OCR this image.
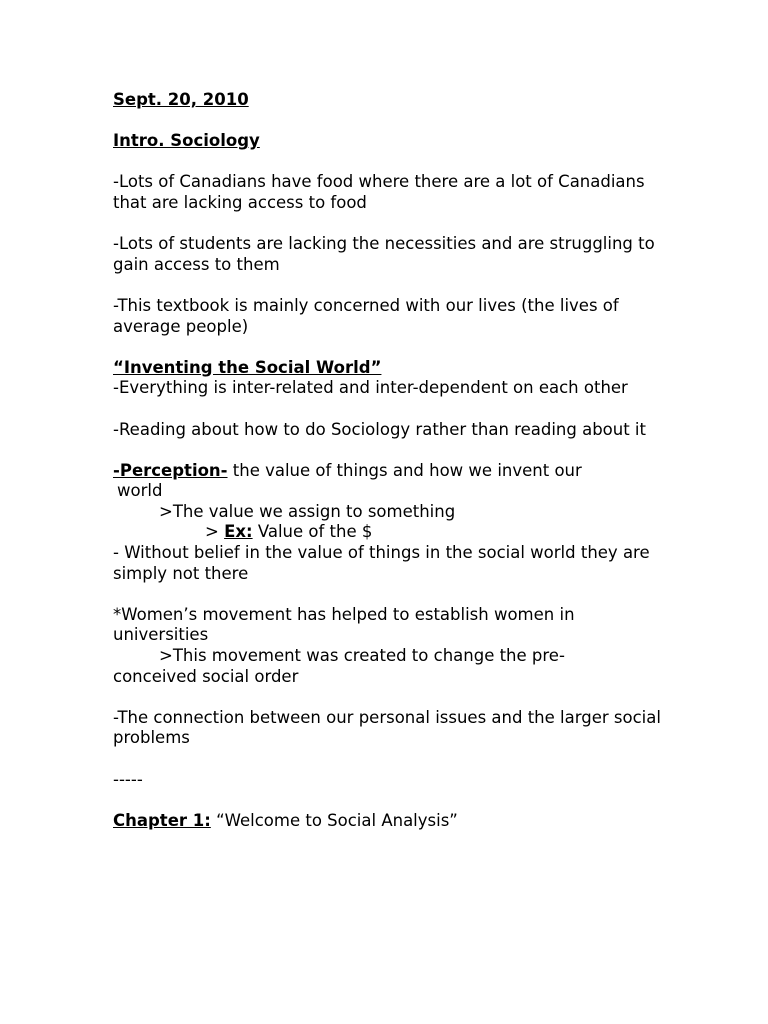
Sept. 20, 2010

Intro. Sociology

-Lots of Canadians have food where there are a lot of Canadians that are lacking access to food

-Lots of students are lacking the necessities and are struggling to gain access to them

-This textbook is mainly concerned with our lives (the lives of average people)

“Inventing the Social World”

-Everything is inter-related and inter-dependent on each other

-Reading about how to do Sociology rather than reading about it

-Perception- the value of things and how we invent our

world

>The value we assign to something

> Ex: Value of the $

- Without belief in the value of things in the social world they are simply not there

*Women’s movement has helped to establish women in universities

>This movement was created to change the pre-

conceived social order

-The connection between our personal issues and the larger social problems

-----

Chapter 1: “Welcome to Social Analysis”
